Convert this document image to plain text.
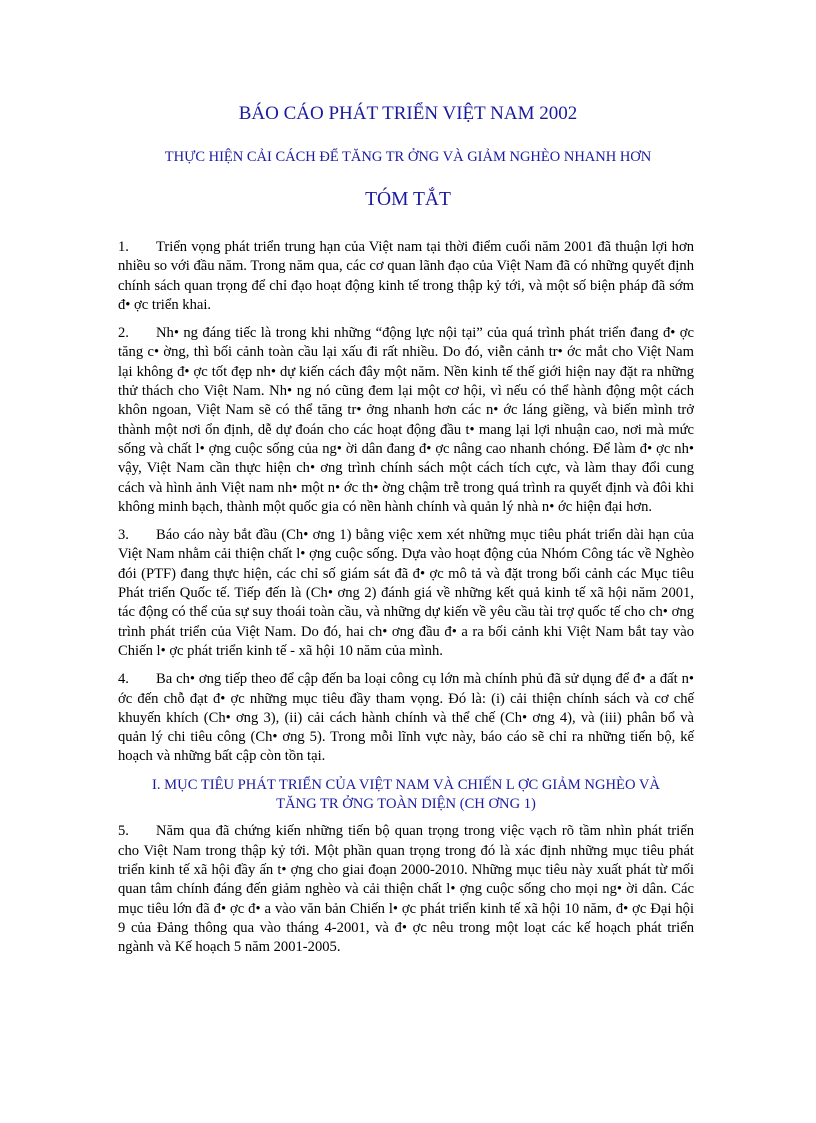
BÁO CÁO PHÁT TRIỂN VIỆT NAM 2002
THỰC HIỆN CẢI CÁCH ĐỂ TĂNG TR ỞNG VÀ GIẢM NGHÈO NHANH HƠN
TÓM TẮT

1. Triển vọng phát triển trung hạn của Việt nam tại thời điểm cuối năm 2001 đã thuận lợi hơn nhiều so với đầu năm. Trong năm qua, các cơ quan lãnh đạo của Việt Nam đã có những quyết định chính sách quan trọng để chỉ đạo hoạt động kinh tế trong thập kỷ tới, và một số biện pháp đã sớm đ• ợc triển khai.

2. Nh• ng đáng tiếc là trong khi những “động lực nội tại” của quá trình phát triển đang đ• ợc tăng c• ờng, thì bối cảnh toàn cầu lại xấu đi rất nhiều. Do đó, viễn cảnh tr• ớc mắt cho Việt Nam lại không đ• ợc tốt đẹp nh• dự kiến cách đây một năm. Nền kinh tế thế giới hiện nay đặt ra những thử thách cho Việt Nam. Nh• ng nó cũng đem lại một cơ hội, vì nếu có thể hành động một cách khôn ngoan, Việt Nam sẽ có thể tăng tr• ởng nhanh hơn các n• ớc láng giềng, và biến mình trở thành một nơi ổn định, dễ dự đoán cho các hoạt động đầu t• mang lại lợi nhuận cao, nơi mà mức sống và chất l• ợng cuộc sống của ng• ời dân đang đ• ợc nâng cao nhanh chóng. Để làm đ• ợc nh• vậy, Việt Nam cần thực hiện ch• ơng trình chính sách một cách tích cực, và làm thay đổi cung cách và hình ảnh Việt nam nh• một n• ớc th• ờng chậm trễ trong quá trình ra quyết định và đôi khi không minh bạch, thành một quốc gia có nền hành chính và quản lý nhà n• ớc hiện đại hơn.

3. Báo cáo này bắt đầu (Ch• ơng 1) bằng việc xem xét những mục tiêu phát triển dài hạn của Việt Nam nhằm cải thiện chất l• ợng cuộc sống. Dựa vào hoạt động của Nhóm Công tác về Nghèo đói (PTF) đang thực hiện, các chỉ số giám sát đã đ• ợc mô tả và đặt trong bối cảnh các Mục tiêu Phát triển Quốc tế. Tiếp đến là (Ch• ơng 2) đánh giá về những kết quả kinh tế xã hội năm 2001, tác động có thể của sự suy thoái toàn cầu, và những dự kiến về yêu cầu tài trợ quốc tế cho ch• ơng trình phát triển của Việt Nam. Do đó, hai ch• ơng đầu đ• a ra bối cảnh khi Việt Nam bắt tay vào Chiến l• ợc phát triển kinh tế - xã hội 10 năm của mình.

4. Ba ch• ơng tiếp theo để cập đến ba loại công cụ lớn mà chính phủ đã sử dụng để đ• a đất n• ớc đến chỗ đạt đ• ợc những mục tiêu đầy tham vọng. Đó là: (i) cải thiện chính sách và cơ chế khuyến khích (Ch• ơng 3), (ii) cải cách hành chính và thể chế (Ch• ơng 4), và (iii) phân bổ và quản lý chi tiêu công (Ch• ơng 5). Trong mỗi lĩnh vực này, báo cáo sẽ chỉ ra những tiến bộ, kế hoạch và những bất cập còn tồn tại.

I. MỤC TIÊU PHÁT TRIỂN CỦA VIỆT NAM VÀ CHIẾN L ỢC GIẢM NGHÈO VÀ
TĂNG TR ỞNG TOÀN DIỆN (CH ƠNG 1)

5. Năm qua đã chứng kiến những tiến bộ quan trọng trong việc vạch rõ tầm nhìn phát triển cho Việt Nam trong thập kỷ tới. Một phần quan trọng trong đó là xác định những mục tiêu phát triển kinh tế xã hội đầy ấn t• ợng cho giai đoạn 2000-2010. Những mục tiêu này xuất phát từ mối quan tâm chính đáng đến giảm nghèo và cải thiện chất l• ợng cuộc sống cho mọi ng• ời dân. Các mục tiêu lớn đã đ• ợc đ• a vào văn bản Chiến l• ợc phát triển kinh tế xã hội 10 năm, đ• ợc Đại hội 9 của Đảng thông qua vào tháng 4-2001, và đ• ợc nêu trong một loạt các kế hoạch phát triển ngành và Kế hoạch 5 năm 2001-2005.
